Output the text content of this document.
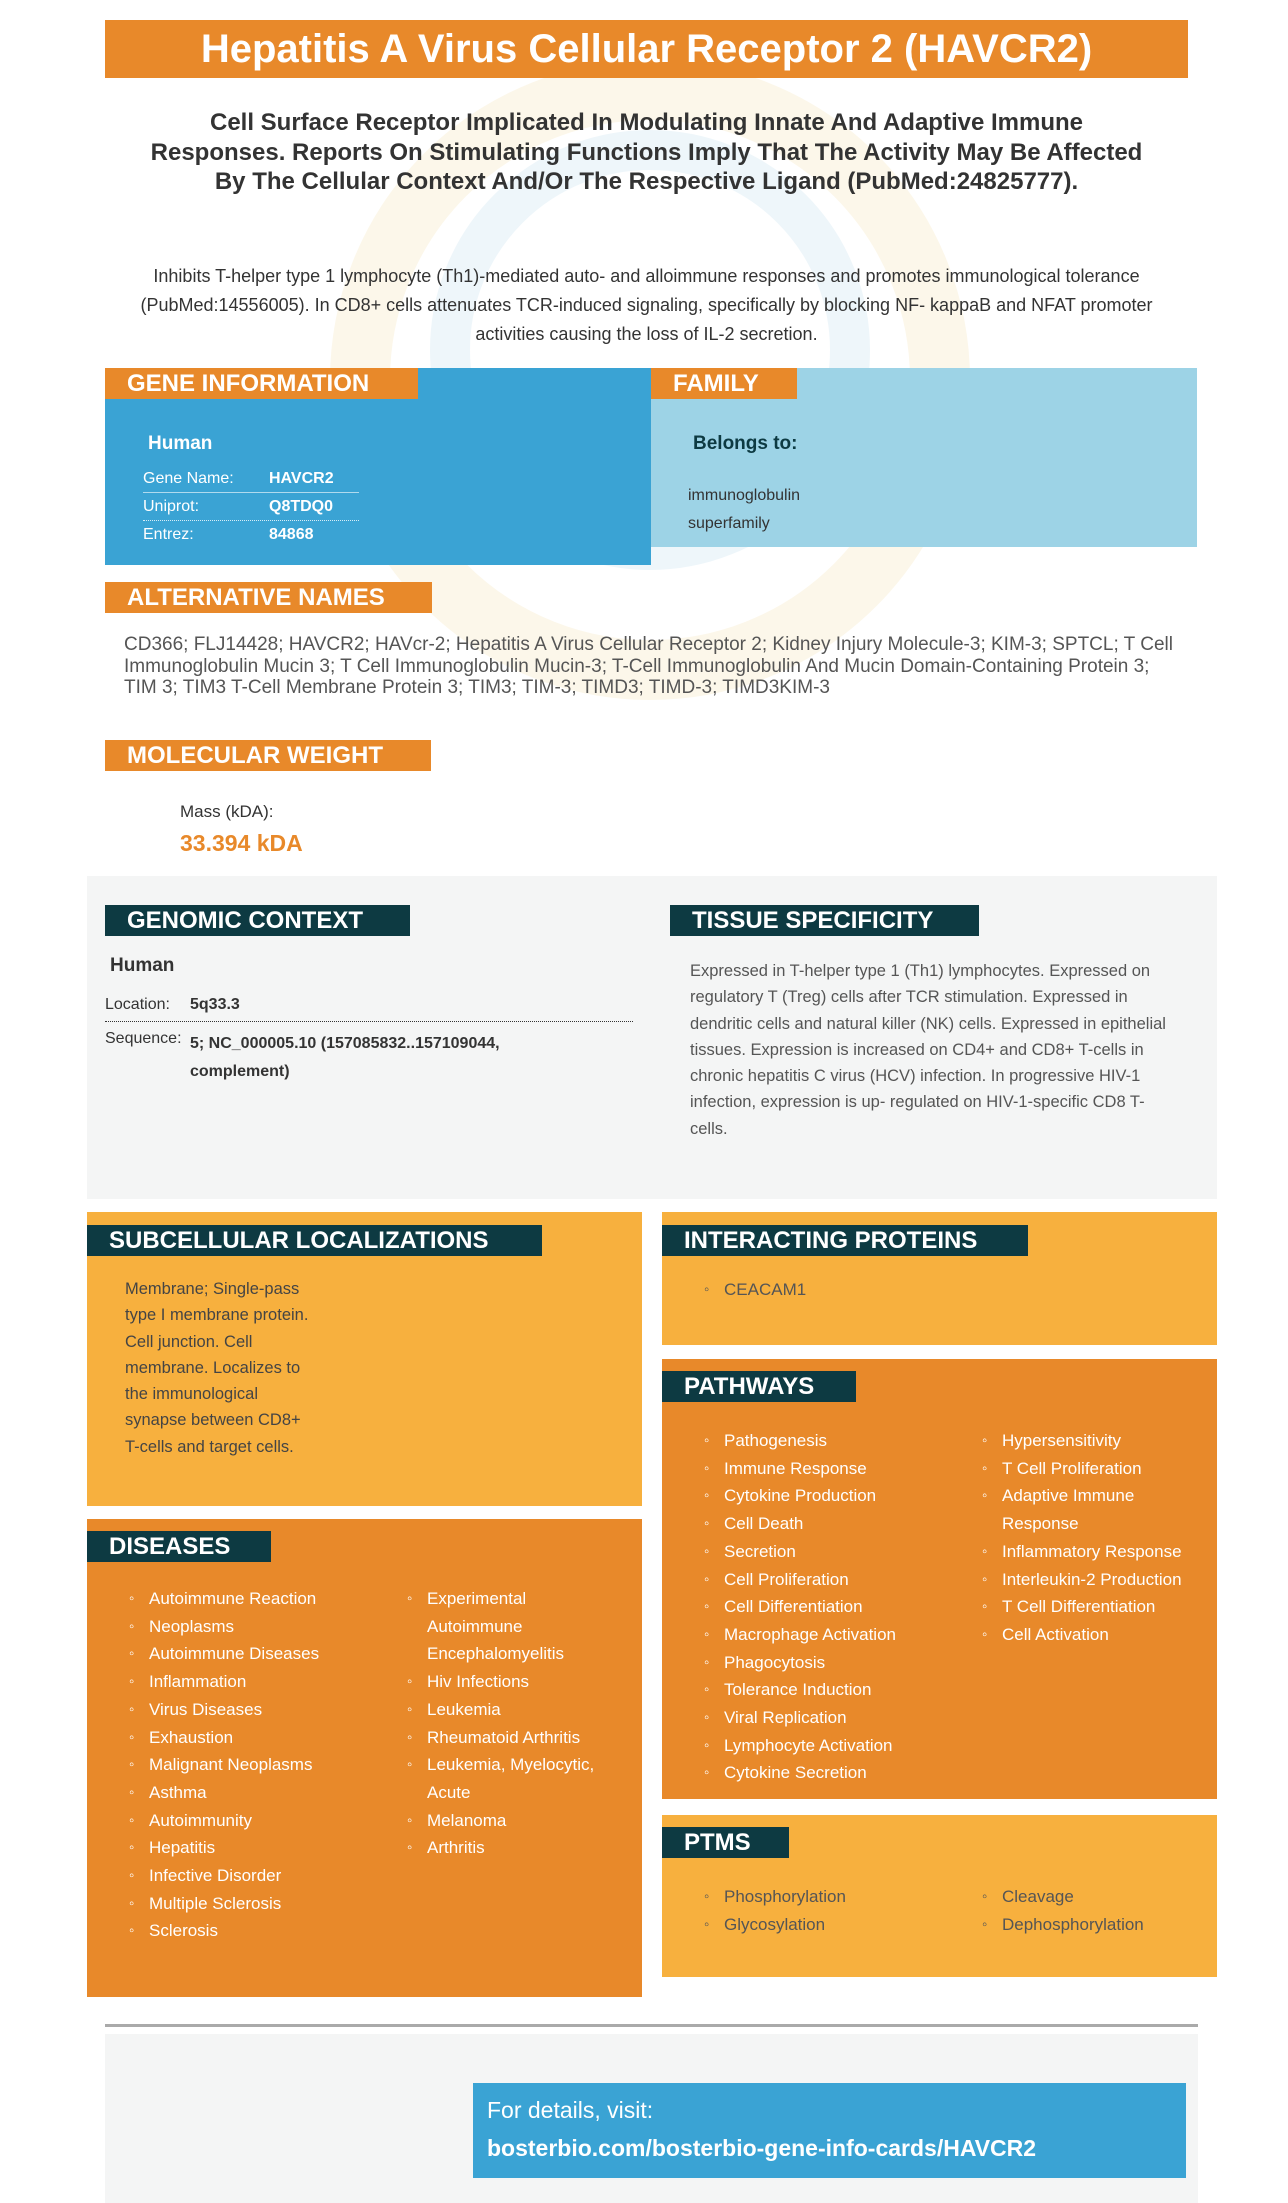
Hepatitis A Virus Cellular Receptor 2 (HAVCR2)
Cell Surface Receptor Implicated In Modulating Innate And Adaptive Immune Responses. Reports On Stimulating Functions Imply That The Activity May Be Affected By The Cellular Context And/Or The Respective Ligand (PubMed:24825777).
Inhibits T-helper type 1 lymphocyte (Th1)-mediated auto- and alloimmune responses and promotes immunological tolerance (PubMed:14556005). In CD8+ cells attenuates TCR-induced signaling, specifically by blocking NF- kappaB and NFAT promoter activities causing the loss of IL-2 secretion.
GENE INFORMATION
Human
Gene Name:	HAVCR2
Uniprot:	Q8TDQ0
Entrez:	84868
FAMILY
Belongs to:
immunoglobulin
superfamily
ALTERNATIVE NAMES
CD366; FLJ14428; HAVCR2; HAVcr-2; Hepatitis A Virus Cellular Receptor 2; Kidney Injury Molecule-3; KIM-3; SPTCL; T Cell Immunoglobulin Mucin 3; T Cell Immunoglobulin Mucin-3; T-Cell Immunoglobulin And Mucin Domain-Containing Protein 3; TIM 3; TIM3 T-Cell Membrane Protein 3; TIM3; TIM-3; TIMD3; TIMD-3; TIMD3KIM-3
MOLECULAR WEIGHT
Mass (kDA):
33.394 kDA
GENOMIC CONTEXT
Human
Location: 5q33.3
Sequence: 5; NC_000005.10 (157085832..157109044,
complement)
TISSUE SPECIFICITY
Expressed in T-helper type 1 (Th1) lymphocytes. Expressed on regulatory T (Treg) cells after TCR stimulation. Expressed in dendritic cells and natural killer (NK) cells. Expressed in epithelial tissues. Expression is increased on CD4+ and CD8+ T-cells in chronic hepatitis C virus (HCV) infection. In progressive HIV-1 infection, expression is up- regulated on HIV-1-specific CD8 T-cells.
SUBCELLULAR LOCALIZATIONS
Membrane; Single-pass
type I membrane protein.
Cell junction. Cell
membrane. Localizes to
the immunological
synapse between CD8+
T-cells and target cells.
INTERACTING PROTEINS
◦ CEACAM1
PATHWAYS
◦ Pathogenesis
◦ Immune Response
◦ Cytokine Production
◦ Cell Death
◦ Secretion
◦ Cell Proliferation
◦ Cell Differentiation
◦ Macrophage Activation
◦ Phagocytosis
◦ Tolerance Induction
◦ Viral Replication
◦ Lymphocyte Activation
◦ Cytokine Secretion
◦ Hypersensitivity
◦ T Cell Proliferation
◦ Adaptive Immune
Response
◦ Inflammatory Response
◦ Interleukin-2 Production
◦ T Cell Differentiation
◦ Cell Activation
DISEASES
◦ Autoimmune Reaction
◦ Neoplasms
◦ Autoimmune Diseases
◦ Inflammation
◦ Virus Diseases
◦ Exhaustion
◦ Malignant Neoplasms
◦ Asthma
◦ Autoimmunity
◦ Hepatitis
◦ Infective Disorder
◦ Multiple Sclerosis
◦ Sclerosis
◦ Experimental
Autoimmune
Encephalomyelitis
◦ Hiv Infections
◦ Leukemia
◦ Rheumatoid Arthritis
◦ Leukemia, Myelocytic,
Acute
◦ Melanoma
◦ Arthritis	PTMS
◦ Phosphorylation
◦ Glycosylation
◦ Cleavage
◦ Dephosphorylation
For details, visit:
bosterbio.com/bosterbio-gene-info-cards/HAVCR2
